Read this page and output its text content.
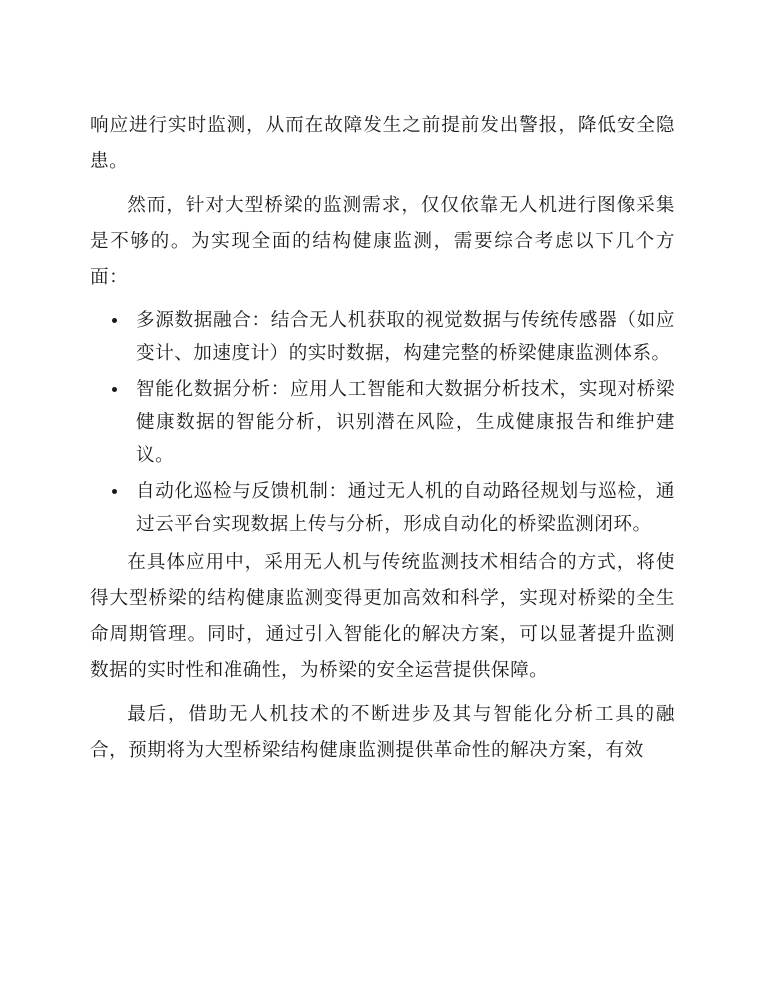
响应进行实时监测，从而在故障发生之前提前发出警报，降低安全隐患。

然而，针对大型桥梁的监测需求，仅仅依靠无人机进行图像采集是不够的。为实现全面的结构健康监测，需要综合考虑以下几个方面：

多源数据融合：结合无人机获取的视觉数据与传统传感器（如应变计、加速度计）的实时数据，构建完整的桥梁健康监测体系。
智能化数据分析：应用人工智能和大数据分析技术，实现对桥梁健康数据的智能分析，识别潜在风险，生成健康报告和维护建议。
自动化巡检与反馈机制：通过无人机的自动路径规划与巡检，通过云平台实现数据上传与分析，形成自动化的桥梁监测闭环。

在具体应用中，采用无人机与传统监测技术相结合的方式，将使得大型桥梁的结构健康监测变得更加高效和科学，实现对桥梁的全生命周期管理。同时，通过引入智能化的解决方案，可以显著提升监测数据的实时性和准确性，为桥梁的安全运营提供保障。

最后，借助无人机技术的不断进步及其与智能化分析工具的融合，预期将为大型桥梁结构健康监测提供革命性的解决方案，有效
